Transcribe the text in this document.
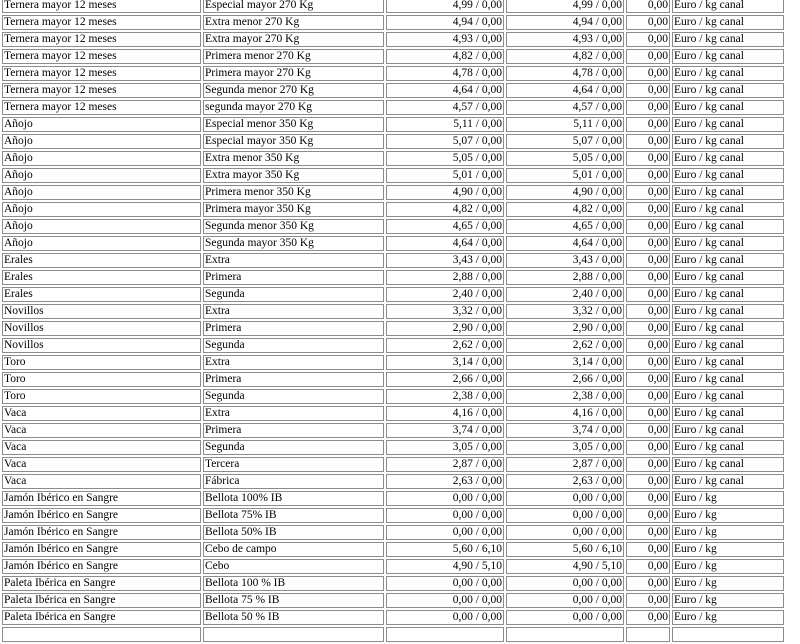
Ternera mayor 12 meses	Especial mayor 270 Kg	4,99 / 0,00	4,99 / 0,00	0,00	Euro / kg canal
Ternera mayor 12 meses	Extra menor 270 Kg	4,94 / 0,00	4,94 / 0,00	0,00	Euro / kg canal
Ternera mayor 12 meses	Extra mayor 270 Kg	4,93 / 0,00	4,93 / 0,00	0,00	Euro / kg canal
Ternera mayor 12 meses	Primera menor 270 Kg	4,82 / 0,00	4,82 / 0,00	0,00	Euro / kg canal
Ternera mayor 12 meses	Primera mayor 270 Kg	4,78 / 0,00	4,78 / 0,00	0,00	Euro / kg canal
Ternera mayor 12 meses	Segunda menor 270 Kg	4,64 / 0,00	4,64 / 0,00	0,00	Euro / kg canal
Ternera mayor 12 meses	segunda mayor 270 Kg	4,57 / 0,00	4,57 / 0,00	0,00	Euro / kg canal
Añojo	Especial menor 350 Kg	5,11 / 0,00	5,11 / 0,00	0,00	Euro / kg canal
Añojo	Especial mayor 350 Kg	5,07 / 0,00	5,07 / 0,00	0,00	Euro / kg canal
Añojo	Extra menor 350 Kg	5,05 / 0,00	5,05 / 0,00	0,00	Euro / kg canal
Añojo	Extra mayor 350 Kg	5,01 / 0,00	5,01 / 0,00	0,00	Euro / kg canal
Añojo	Primera menor 350 Kg	4,90 / 0,00	4,90 / 0,00	0,00	Euro / kg canal
Añojo	Primera mayor 350 Kg	4,82 / 0,00	4,82 / 0,00	0,00	Euro / kg canal
Añojo	Segunda menor 350 Kg	4,65 / 0,00	4,65 / 0,00	0,00	Euro / kg canal
Añojo	Segunda mayor 350 Kg	4,64 / 0,00	4,64 / 0,00	0,00	Euro / kg canal
Erales	Extra	3,43 / 0,00	3,43 / 0,00	0,00	Euro / kg canal
Erales	Primera	2,88 / 0,00	2,88 / 0,00	0,00	Euro / kg canal
Erales	Segunda	2,40 / 0,00	2,40 / 0,00	0,00	Euro / kg canal
Novillos	Extra	3,32 / 0,00	3,32 / 0,00	0,00	Euro / kg canal
Novillos	Primera	2,90 / 0,00	2,90 / 0,00	0,00	Euro / kg canal
Novillos	Segunda	2,62 / 0,00	2,62 / 0,00	0,00	Euro / kg canal
Toro	Extra	3,14 / 0,00	3,14 / 0,00	0,00	Euro / kg canal
Toro	Primera	2,66 / 0,00	2,66 / 0,00	0,00	Euro / kg canal
Toro	Segunda	2,38 / 0,00	2,38 / 0,00	0,00	Euro / kg canal
Vaca	Extra	4,16 / 0,00	4,16 / 0,00	0,00	Euro / kg canal
Vaca	Primera	3,74 / 0,00	3,74 / 0,00	0,00	Euro / kg canal
Vaca	Segunda	3,05 / 0,00	3,05 / 0,00	0,00	Euro / kg canal
Vaca	Tercera	2,87 / 0,00	2,87 / 0,00	0,00	Euro / kg canal
Vaca	Fábrica	2,63 / 0,00	2,63 / 0,00	0,00	Euro / kg canal
Jamón Ibérico en Sangre	Bellota 100% IB	0,00 / 0,00	0,00 / 0,00	0,00	Euro / kg
Jamón Ibérico en Sangre	Bellota 75% IB	0,00 / 0,00	0,00 / 0,00	0,00	Euro / kg
Jamón Ibérico en Sangre	Bellota 50% IB	0,00 / 0,00	0,00 / 0,00	0,00	Euro / kg
Jamón Ibérico en Sangre	Cebo de campo	5,60 / 6,10	5,60 / 6,10	0,00	Euro / kg
Jamón Ibérico en Sangre	Cebo	4,90 / 5,10	4,90 / 5,10	0,00	Euro / kg
Paleta Ibérica en Sangre	Bellota 100 % IB	0,00 / 0,00	0,00 / 0,00	0,00	Euro / kg
Paleta Ibérica en Sangre	Bellota 75 % IB	0,00 / 0,00	0,00 / 0,00	0,00	Euro / kg
Paleta Ibérica en Sangre	Bellota 50 % IB	0,00 / 0,00	0,00 / 0,00	0,00	Euro / kg
